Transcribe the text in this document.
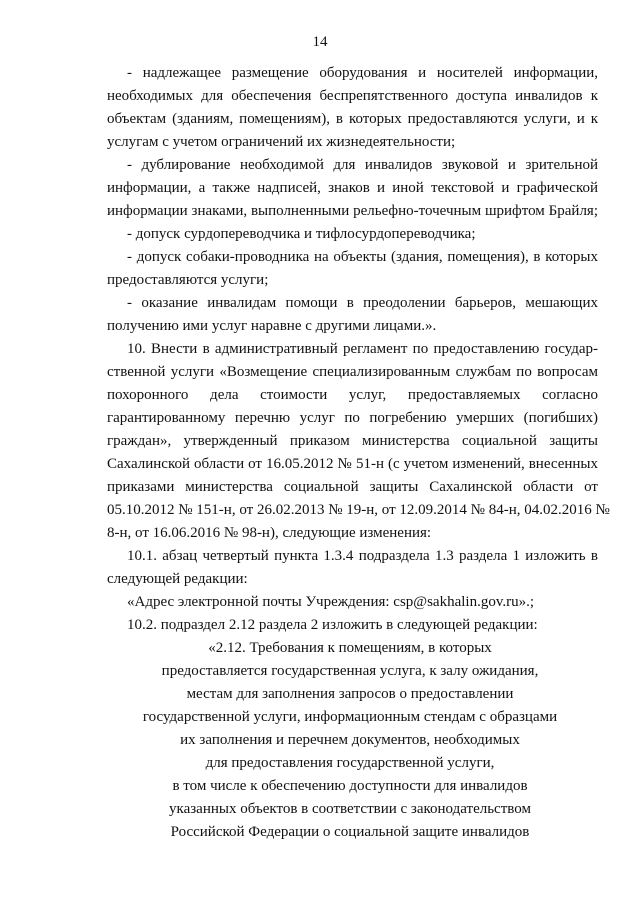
14
- надлежащее размещение оборудования и носителей информации,
необходимых для обеспечения беспрепятственного доступа инвалидов к
объектам (зданиям, помещениям), в которых предоставляются услуги, и к
услугам с учетом ограничений их жизнедеятельности;
- дублирование необходимой для инвалидов звуковой и зрительной
информации, а также надписей, знаков и иной текстовой и графической
информации знаками, выполненными рельефно-точечным шрифтом Брайля;
- допуск сурдопереводчика и тифлосурдопереводчика;
- допуск собаки-проводника на объекты (здания, помещения), в которых
предоставляются услуги;
- оказание инвалидам помощи в преодолении барьеров, мешающих
получению ими услуг наравне с другими лицами.».
10. Внести в административный регламент по предоставлению государ-
ственной услуги «Возмещение специализированным службам по вопросам
похоронного дела стоимости услуг, предоставляемых согласно
гарантированному перечню услуг по погребению умерших (погибших)
граждан», утвержденный приказом министерства социальной защиты
Сахалинской области от 16.05.2012 № 51-н (с учетом изменений, внесенных
приказами министерства социальной защиты Сахалинской области от
05.10.2012 № 151-н, от 26.02.2013 № 19-н, от 12.09.2014 № 84-н, 04.02.2016 №
8-н, от 16.06.2016 № 98-н), следующие изменения:
10.1. абзац четвертый пункта 1.3.4 подраздела 1.3 раздела 1 изложить в
следующей редакции:
«Адрес электронной почты Учреждения: csp@sakhalin.gov.ru».;
10.2. подраздел 2.12 раздела 2 изложить в следующей редакции:
«2.12. Требования к помещениям, в которых
предоставляется государственная услуга, к залу ожидания,
местам для заполнения запросов о предоставлении
государственной услуги, информационным стендам с образцами
их заполнения и перечнем документов, необходимых
для предоставления государственной услуги,
в том числе к обеспечению доступности для инвалидов
указанных объектов в соответствии с законодательством
Российской Федерации о социальной защите инвалидов
